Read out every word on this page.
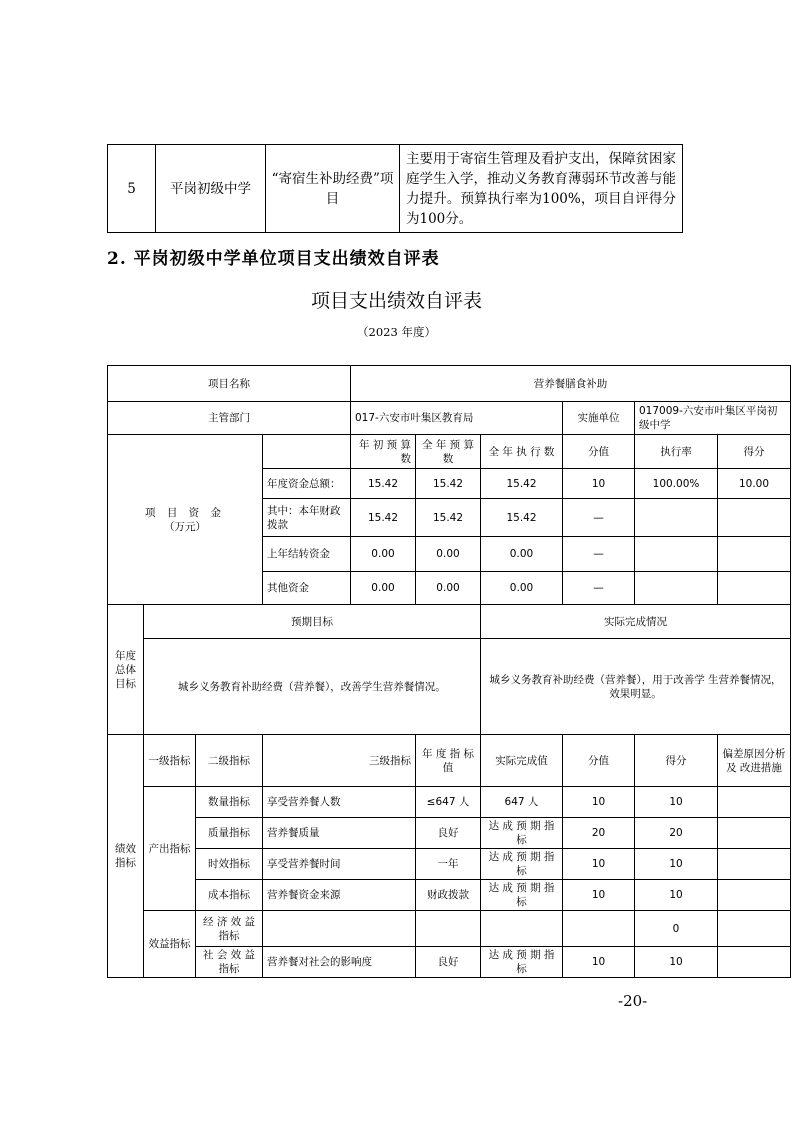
5	平岗初级中学	“寄宿生补助经费”项目	主要用于寄宿生管理及看护支出，保障贫困家庭学生入学，推动义务教育薄弱环节改善与能力提升。预算执行率为100%，项目自评得分为100分。
2. 平岗初级中学单位项目支出绩效自评表
项目支出绩效自评表
（2023 年度）
项目名称				营养餐膳食补助					
主管部门				017-六安市叶集区教育局			实施单位	017009-六安市叶集区平岗初级中学	

项 目 资 金
（万元）				年 初 预 算数	全 年 预 算 数	全 年 执 行 数	分值	执行率	得分
			年度资金总额：	15.42	15.42	15.42	10	100.00%	10.00
			其中：本年财政拨款	15.42	15.42	15.42	—		
			上年结转资金	0.00	0.00	0.00	—		
			其他资金	0.00	0.00	0.00	—		
年度总体目标	预期目标					实际完成情况			
	城乡义务教育补助经费（营养餐），改善学生营养餐情况。					城乡义务教育补助经费（营养餐），用于改善学 生营养餐情况，效果明显。			
绩效指标	一级指标	二级指标	三级指标		年 度 指 标 值	实际完成值	分值	得分	偏差原因分析及 改进措施
	产出指标	数量指标	享受营养餐人数		≤647 人	647 人	10	10	
		质量指标	营养餐质量		良好	达 成 预 期 指标	20	20	
		时效指标	享受营养餐时间		一年	达 成 预 期 指标	10	10	
		成本指标	营养餐资金来源		财政拨款	达 成 预 期 指标	10	10	
	效益指标	经 济 效 益 指标						0	
		社 会 效 益 指标	营养餐对社会的影响度		良好	达 成 预 期 指标	10	10	
-20-
